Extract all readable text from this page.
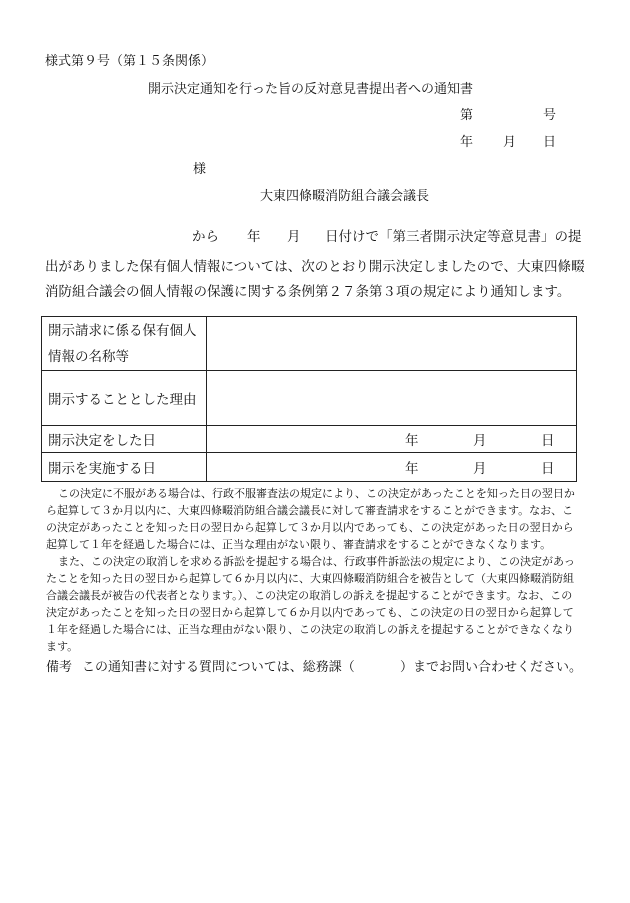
様式第９号（第１５条関係）
開示決定通知を行った旨の反対意見書提出者への通知書
第	号
年 月 日
様
大東四條畷消防組合議会議長
から 年 月 日付けで「第三者開示決定等意見書」の提
出がありました保有個人情報については、次のとおり開示決定しましたので、大東四條畷
消防組合議会の個人情報の保護に関する条例第２７条第３項の規定により通知します。
開示請求に係る保有個人
情報の名称等	

開示することとした理由	
開示決定をした日	年 月 日

開示を実施する日	年 月 日
この決定に不服がある場合は、行政不服審査法の規定により、この決定があったことを知った日の翌日か
ら起算して３か月以内に、大東四條畷消防組合議会議長に対して審査請求をすることができます。なお、こ
の決定があったことを知った日の翌日から起算して３か月以内であっても、この決定があった日の翌日から
起算して１年を経過した場合には、正当な理由がない限り、審査請求をすることができなくなります。
また、この決定の取消しを求める訴訟を提起する場合は、行政事件訴訟法の規定により、この決定があっ
たことを知った日の翌日から起算して６か月以内に、大東四條畷消防組合を被告として（大東四條畷消防組
合議会議長が被告の代表者となります。）、この決定の取消しの訴えを提起することができます。なお、この
決定があったことを知った日の翌日から起算して６か月以内であっても、この決定の日の翌日から起算して
１年を経過した場合には、正当な理由がない限り、この決定の取消しの訴えを提起することができなくなり
ます。
備考 この通知書に対する質問については、総務課（	）までお問い合わせください。
